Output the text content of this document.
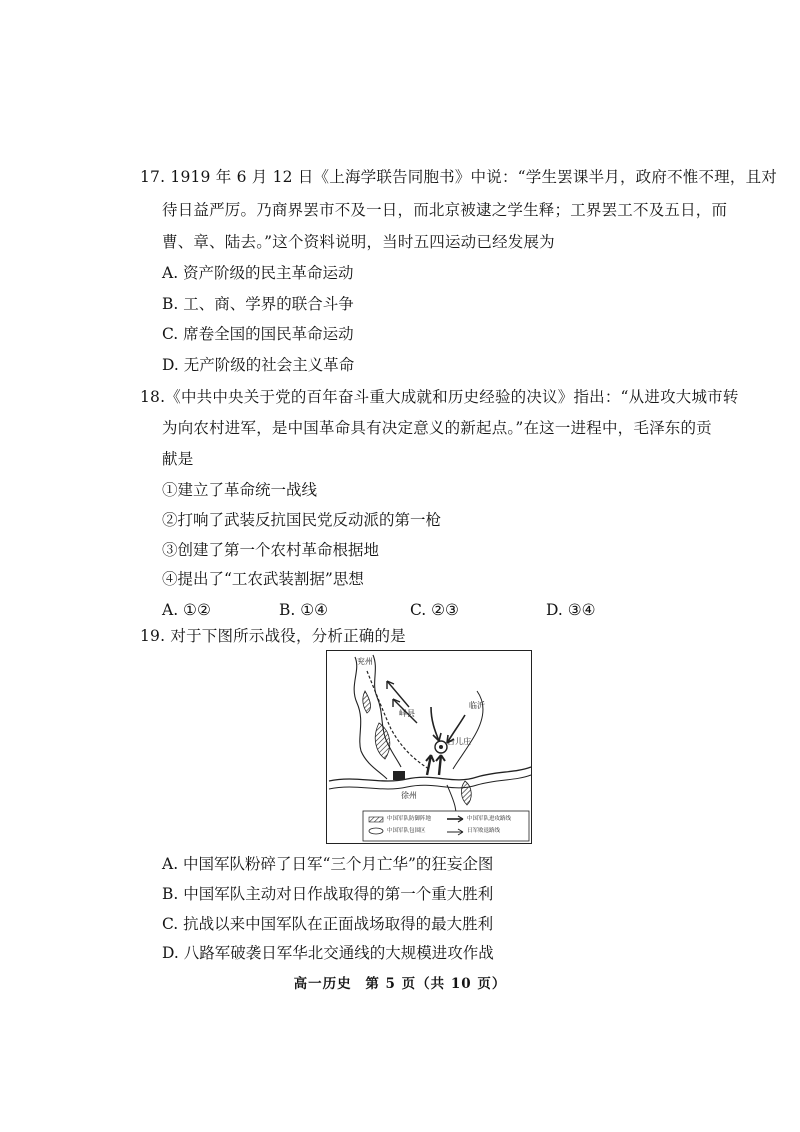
17. 1919 年 6 月 12 日《上海学联告同胞书》中说：“学生罢课半月，政府不惟不理，且对
待日益严厉。乃商界罢市不及一日，而北京被逮之学生释；工界罢工不及五日，而
曹、章、陆去。”这个资料说明，当时五四运动已经发展为
A. 资产阶级的民主革命运动
B. 工、商、学界的联合斗争
C. 席卷全国的国民革命运动
D. 无产阶级的社会主义革命
18.《中共中央关于党的百年奋斗重大成就和历史经验的决议》指出：“从进攻大城市转
为向农村进军，是中国革命具有决定意义的新起点。”在这一进程中，毛泽东的贡
献是
①建立了革命统一战线
②打响了武装反抗国民党反动派的第一枪
③创建了第一个农村革命根据地
④提出了“工农武装割据”思想
A. ①②	B. ①④	C. ②③	D. ③④
19. 对于下图所示战役，分析正确的是
兖州
峄县
临沂
台儿庄
徐州
中国军队防御阵地
中国军队包围区
中国军队进攻路线
日军败退路线
A. 中国军队粉碎了日军“三个月亡华”的狂妄企图
B. 中国军队主动对日作战取得的第一个重大胜利
C. 抗战以来中国军队在正面战场取得的最大胜利
D. 八路军破袭日军华北交通线的大规模进攻作战
高一历史 第 5 页（共 10 页）
